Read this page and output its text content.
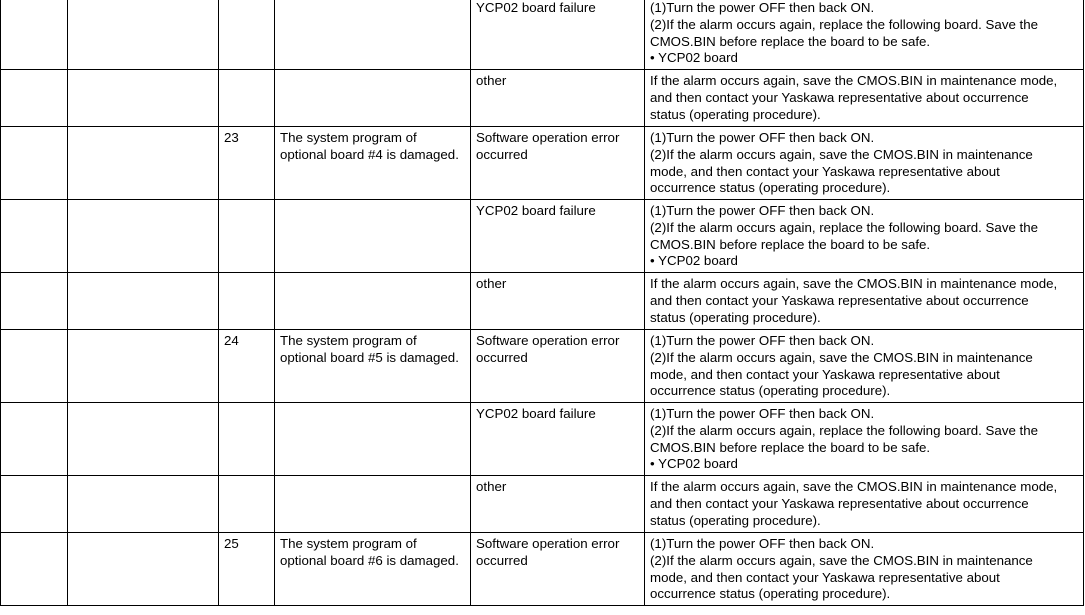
				YCP02 board failure	(1)Turn the power OFF then back ON.
(2)If the alarm occurs again, replace the following board. Save the
CMOS.BIN before replace the board to be safe.
• YCP02 board

				other	If the alarm occurs again, save the CMOS.BIN in maintenance mode,
and then contact your Yaskawa representative about occurrence
status (operating procedure).

		23	The system program of
optional board #4 is damaged.	Software operation error
occurred	(1)Turn the power OFF then back ON.
(2)If the alarm occurs again, save the CMOS.BIN in maintenance
mode, and then contact your Yaskawa representative about
occurrence status (operating procedure).

				YCP02 board failure	(1)Turn the power OFF then back ON.
(2)If the alarm occurs again, replace the following board. Save the
CMOS.BIN before replace the board to be safe.
• YCP02 board

				other	If the alarm occurs again, save the CMOS.BIN in maintenance mode,
and then contact your Yaskawa representative about occurrence
status (operating procedure).

		24	The system program of
optional board #5 is damaged.	Software operation error
occurred	(1)Turn the power OFF then back ON.
(2)If the alarm occurs again, save the CMOS.BIN in maintenance
mode, and then contact your Yaskawa representative about
occurrence status (operating procedure).

				YCP02 board failure	(1)Turn the power OFF then back ON.
(2)If the alarm occurs again, replace the following board. Save the
CMOS.BIN before replace the board to be safe.
• YCP02 board

				other	If the alarm occurs again, save the CMOS.BIN in maintenance mode,
and then contact your Yaskawa representative about occurrence
status (operating procedure).

		25	The system program of
optional board #6 is damaged.	Software operation error
occurred	(1)Turn the power OFF then back ON.
(2)If the alarm occurs again, save the CMOS.BIN in maintenance
mode, and then contact your Yaskawa representative about
occurrence status (operating procedure).
